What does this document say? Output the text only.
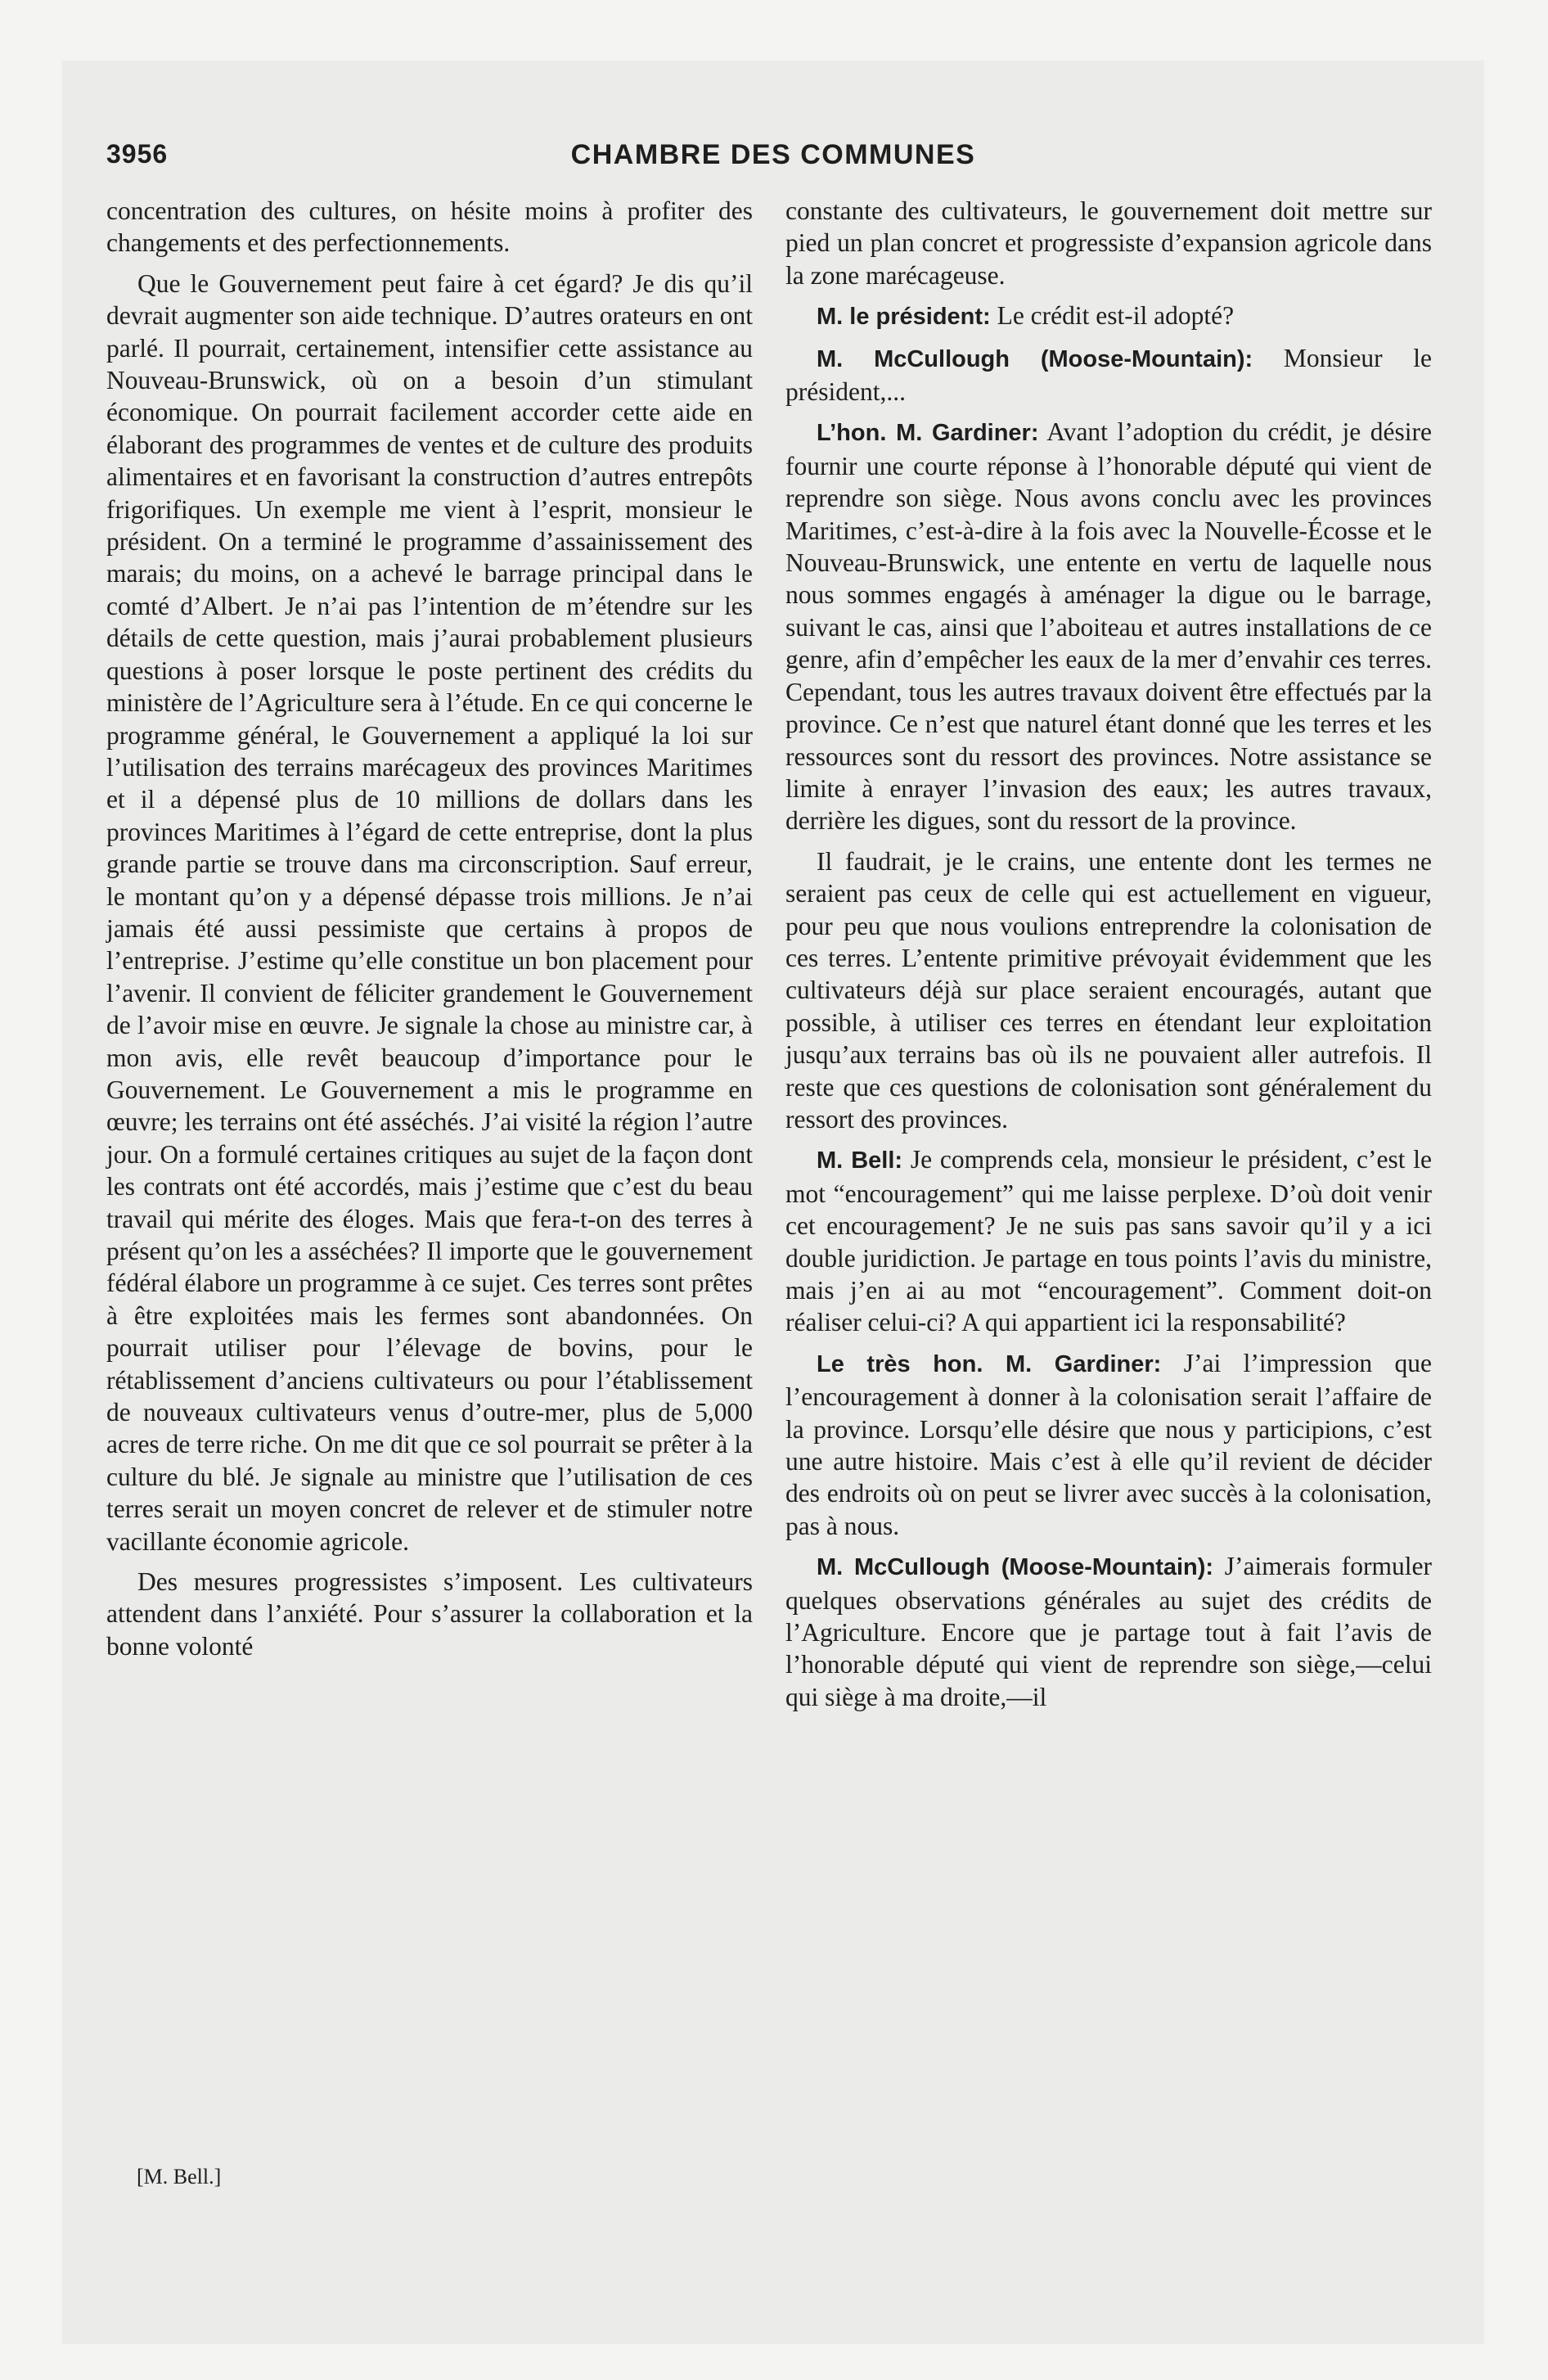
3956	CHAMBRE DES COMMUNES

concentration des cultures, on hésite moins à profiter des changements et des perfectionnements.

Que le Gouvernement peut faire à cet égard? Je dis qu’il devrait augmenter son aide technique. D’autres orateurs en ont parlé. Il pourrait, certainement, intensifier cette assistance au Nouveau-Brunswick, où on a besoin d’un stimulant économique. On pourrait facilement accorder cette aide en élaborant des programmes de ventes et de culture des produits alimentaires et en favorisant la construction d’autres entrepôts frigorifiques. Un exemple me vient à l’esprit, monsieur le président. On a terminé le programme d’assainissement des marais; du moins, on a achevé le barrage principal dans le comté d’Albert. Je n’ai pas l’intention de m’étendre sur les détails de cette question, mais j’aurai probablement plusieurs questions à poser lorsque le poste pertinent des crédits du ministère de l’Agriculture sera à l’étude. En ce qui concerne le programme général, le Gouvernement a appliqué la loi sur l’utilisation des terrains marécageux des provinces Maritimes et il a dépensé plus de 10 millions de dollars dans les provinces Maritimes à l’égard de cette entreprise, dont la plus grande partie se trouve dans ma circonscription. Sauf erreur, le montant qu’on y a dépensé dépasse trois millions. Je n’ai jamais été aussi pessimiste que certains à propos de l’entreprise. J’estime qu’elle constitue un bon placement pour l’avenir. Il convient de féliciter grandement le Gouvernement de l’avoir mise en œuvre. Je signale la chose au ministre car, à mon avis, elle revêt beaucoup d’importance pour le Gouvernement. Le Gouvernement a mis le programme en œuvre; les terrains ont été asséchés. J’ai visité la région l’autre jour. On a formulé certaines critiques au sujet de la façon dont les contrats ont été accordés, mais j’estime que c’est du beau travail qui mérite des éloges. Mais que fera-t-on des terres à présent qu’on les a asséchées? Il importe que le gouvernement fédéral élabore un programme à ce sujet. Ces terres sont prêtes à être exploitées mais les fermes sont abandonnées. On pourrait utiliser pour l’élevage de bovins, pour le rétablissement d’anciens cultivateurs ou pour l’établissement de nouveaux cultivateurs venus d’outre-mer, plus de 5,000 acres de terre riche. On me dit que ce sol pourrait se prêter à la culture du blé. Je signale au ministre que l’utilisation de ces terres serait un moyen concret de relever et de stimuler notre vacillante économie agricole.

Des mesures progressistes s’imposent. Les cultivateurs attendent dans l’anxiété. Pour s’assurer la collaboration et la bonne volonté

[M. Bell.]

constante des cultivateurs, le gouvernement doit mettre sur pied un plan concret et progressiste d’expansion agricole dans la zone marécageuse.

M. le président: Le crédit est-il adopté?

M. McCullough (Moose-Mountain): Monsieur le président,...

L’hon. M. Gardiner: Avant l’adoption du crédit, je désire fournir une courte réponse à l’honorable député qui vient de reprendre son siège. Nous avons conclu avec les provinces Maritimes, c’est-à-dire à la fois avec la Nouvelle-Écosse et le Nouveau-Brunswick, une entente en vertu de laquelle nous nous sommes engagés à aménager la digue ou le barrage, suivant le cas, ainsi que l’aboiteau et autres installations de ce genre, afin d’empêcher les eaux de la mer d’envahir ces terres. Cependant, tous les autres travaux doivent être effectués par la province. Ce n’est que naturel étant donné que les terres et les ressources sont du ressort des provinces. Notre assistance se limite à enrayer l’invasion des eaux; les autres travaux, derrière les digues, sont du ressort de la province.

Il faudrait, je le crains, une entente dont les termes ne seraient pas ceux de celle qui est actuellement en vigueur, pour peu que nous voulions entreprendre la colonisation de ces terres. L’entente primitive prévoyait évidemment que les cultivateurs déjà sur place seraient encouragés, autant que possible, à utiliser ces terres en étendant leur exploitation jusqu’aux terrains bas où ils ne pouvaient aller autrefois. Il reste que ces questions de colonisation sont généralement du ressort des provinces.

M. Bell: Je comprends cela, monsieur le président, c’est le mot “encouragement” qui me laisse perplexe. D’où doit venir cet encouragement? Je ne suis pas sans savoir qu’il y a ici double juridiction. Je partage en tous points l’avis du ministre, mais j’en ai au mot “encouragement”. Comment doit-on réaliser celui-ci? A qui appartient ici la responsabilité?

Le très hon. M. Gardiner: J’ai l’impression que l’encouragement à donner à la colonisation serait l’affaire de la province. Lorsqu’elle désire que nous y participions, c’est une autre histoire. Mais c’est à elle qu’il revient de décider des endroits où on peut se livrer avec succès à la colonisation, pas à nous.

M. McCullough (Moose-Mountain): J’aimerais formuler quelques observations générales au sujet des crédits de l’Agriculture. Encore que je partage tout à fait l’avis de l’honorable député qui vient de reprendre son siège,—celui qui siège à ma droite,—il
